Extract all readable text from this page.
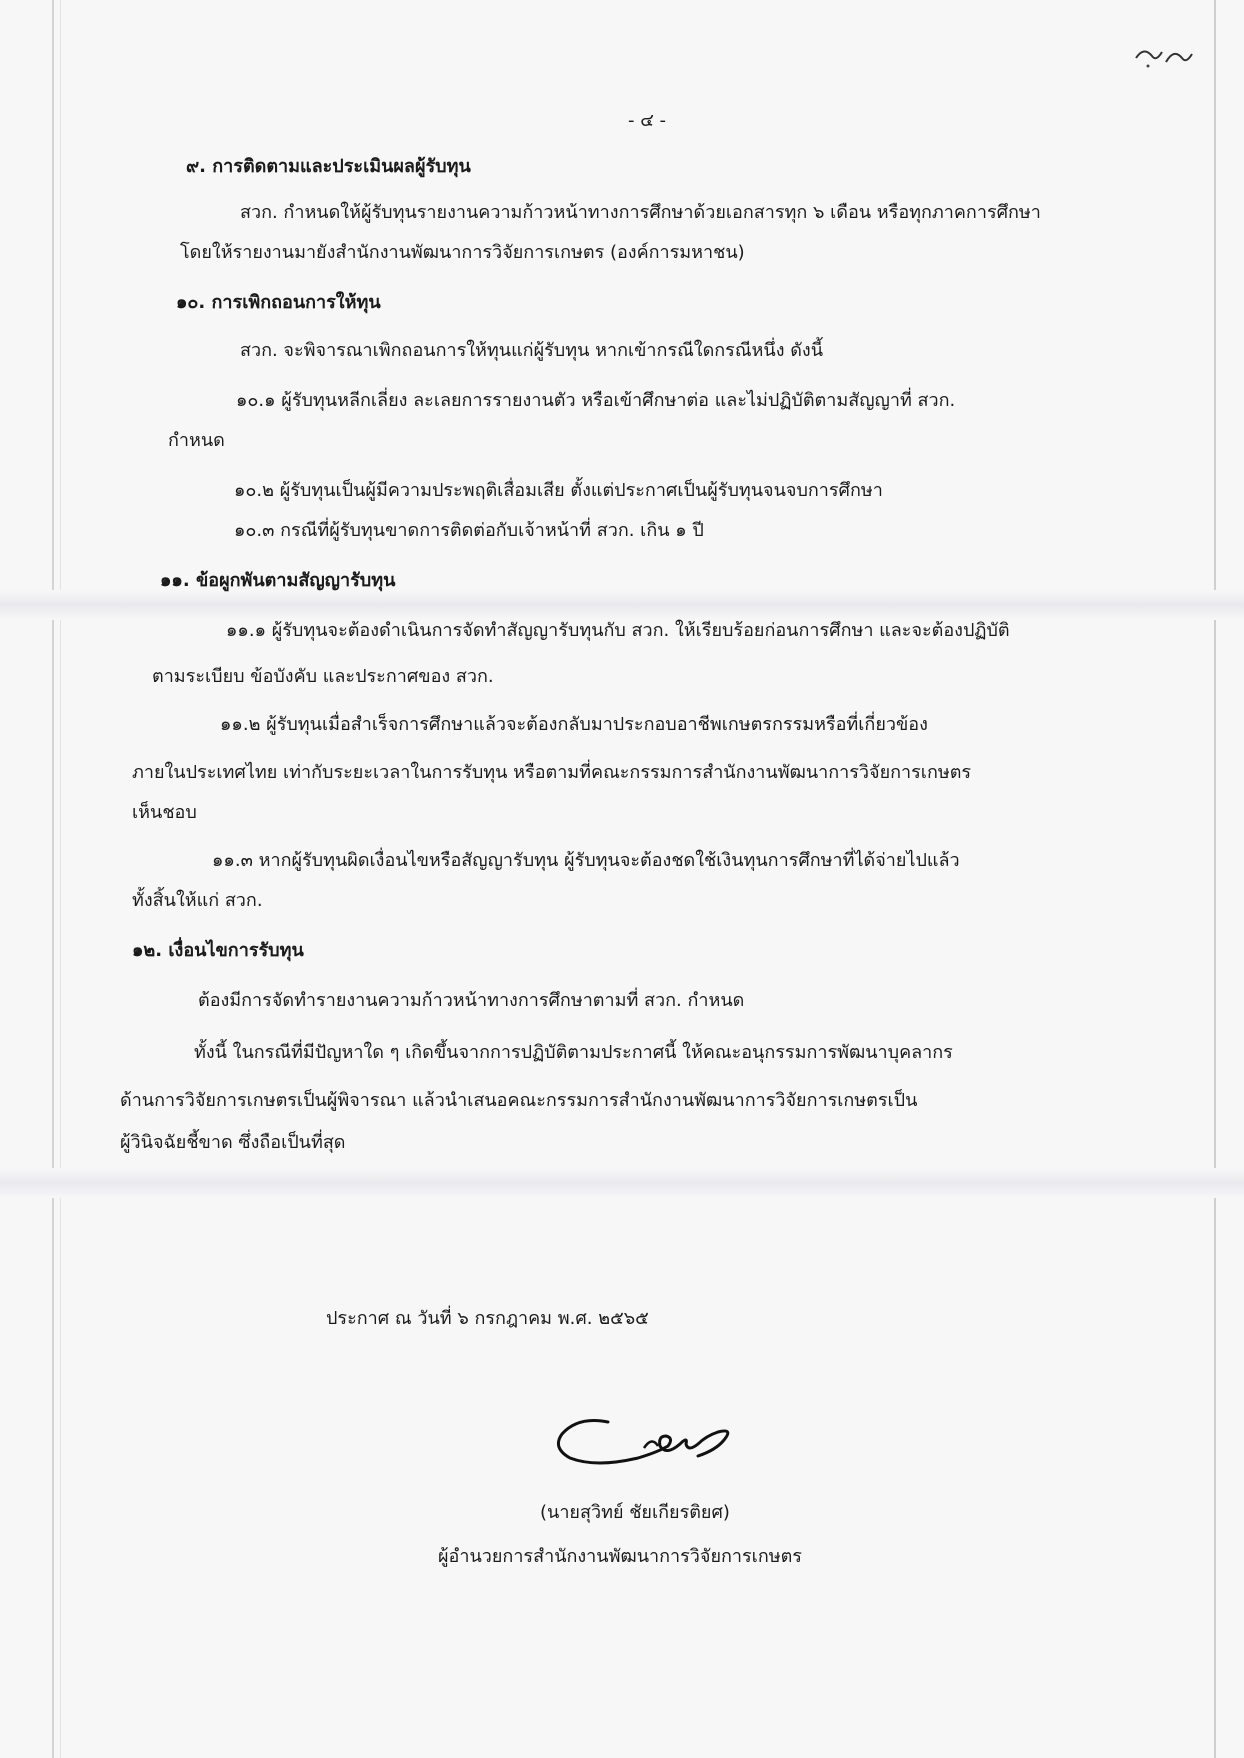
- ๔ -
๙. การติดตามและประเมินผลผู้รับทุน
สวก. กำหนดให้ผู้รับทุนรายงานความก้าวหน้าทางการศึกษาด้วยเอกสารทุก ๖ เดือน หรือทุกภาคการศึกษา
โดยให้รายงานมายังสำนักงานพัฒนาการวิจัยการเกษตร (องค์การมหาชน)
๑๐. การเพิกถอนการให้ทุน
สวก. จะพิจารณาเพิกถอนการให้ทุนแก่ผู้รับทุน หากเข้ากรณีใดกรณีหนึ่ง ดังนี้
๑๐.๑ ผู้รับทุนหลีกเลี่ยง ละเลยการรายงานตัว หรือเข้าศึกษาต่อ และไม่ปฏิบัติตามสัญญาที่ สวก.
กำหนด
๑๐.๒ ผู้รับทุนเป็นผู้มีความประพฤติเสื่อมเสีย ตั้งแต่ประกาศเป็นผู้รับทุนจนจบการศึกษา
๑๐.๓ กรณีที่ผู้รับทุนขาดการติดต่อกับเจ้าหน้าที่ สวก. เกิน ๑ ปี
๑๑. ข้อผูกพันตามสัญญารับทุน
๑๑.๑ ผู้รับทุนจะต้องดำเนินการจัดทำสัญญารับทุนกับ สวก. ให้เรียบร้อยก่อนการศึกษา และจะต้องปฏิบัติ
ตามระเบียบ ข้อบังคับ และประกาศของ สวก.
๑๑.๒ ผู้รับทุนเมื่อสำเร็จการศึกษาแล้วจะต้องกลับมาประกอบอาชีพเกษตรกรรมหรือที่เกี่ยวข้อง
ภายในประเทศไทย เท่ากับระยะเวลาในการรับทุน หรือตามที่คณะกรรมการสำนักงานพัฒนาการวิจัยการเกษตร
เห็นชอบ
๑๑.๓ หากผู้รับทุนผิดเงื่อนไขหรือสัญญารับทุน ผู้รับทุนจะต้องชดใช้เงินทุนการศึกษาที่ได้จ่ายไปแล้ว
ทั้งสิ้นให้แก่ สวก.
๑๒. เงื่อนไขการรับทุน
ต้องมีการจัดทำรายงานความก้าวหน้าทางการศึกษาตามที่ สวก. กำหนด
ทั้งนี้ ในกรณีที่มีปัญหาใด ๆ เกิดขึ้นจากการปฏิบัติตามประกาศนี้ ให้คณะอนุกรรมการพัฒนาบุคลากร
ด้านการวิจัยการเกษตรเป็นผู้พิจารณา แล้วนำเสนอคณะกรรมการสำนักงานพัฒนาการวิจัยการเกษตรเป็น
ผู้วินิจฉัยชี้ขาด ซึ่งถือเป็นที่สุด
ประกาศ ณ วันที่ ๖ กรกฎาคม พ.ศ. ๒๕๖๕
(นายสุวิทย์ ชัยเกียรติยศ)
ผู้อำนวยการสำนักงานพัฒนาการวิจัยการเกษตร
